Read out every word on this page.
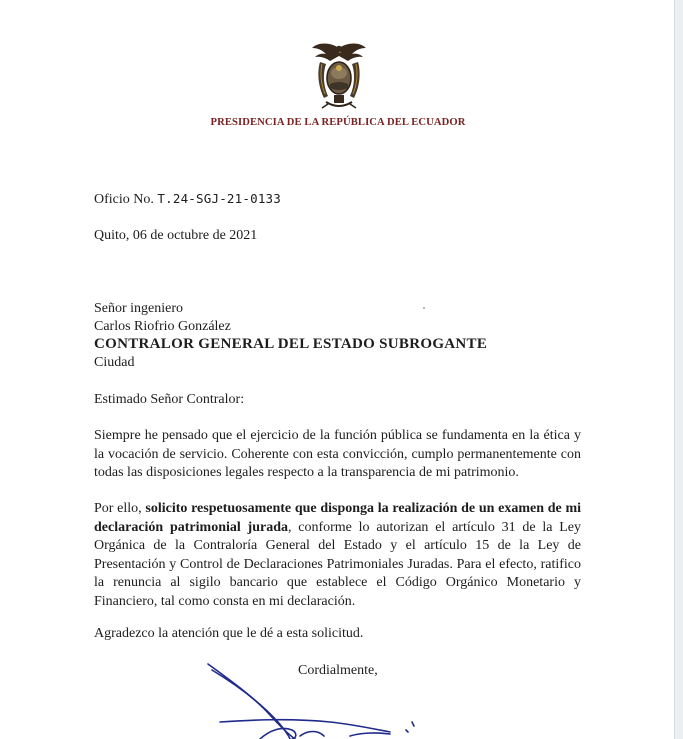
PRESIDENCIA DE LA REPÚBLICA DEL ECUADOR
Oficio No. T.24-SGJ-21-0133
Quito, 06 de octubre de 2021
Señor ingeniero
Carlos Riofrio González
CONTRALOR GENERAL DEL ESTADO SUBROGANTE
Ciudad
Estimado Señor Contralor:
Siempre he pensado que el ejercicio de la función pública se fundamenta en la ética y la vocación de servicio. Coherente con esta convicción, cumplo permanentemente con todas las disposiciones legales respecto a la transparencia de mi patrimonio.
Por ello, solicito respetuosamente que disponga la realización de un examen de mi declaración patrimonial jurada, conforme lo autorizan el artículo 31 de la Ley Orgánica de la Contraloría General del Estado y el artículo 15 de la Ley de Presentación y Control de Declaraciones Patrimoniales Juradas. Para el efecto, ratifico la renuncia al sigilo bancario que establece el Código Orgánico Monetario y Financiero, tal como consta en mi declaración.
Agradezco la atención que le dé a esta solicitud.
Cordialmente,
